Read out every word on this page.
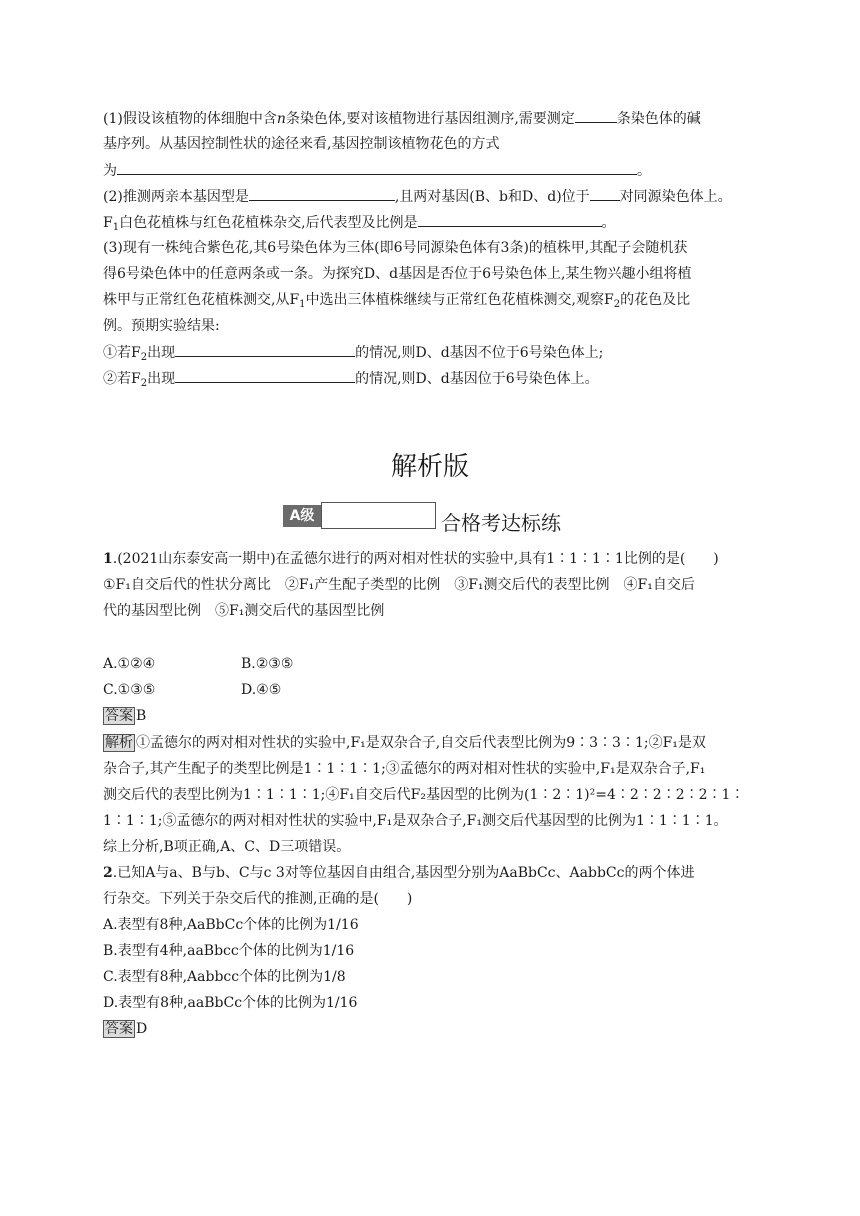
(1)假设该植物的体细胞中含n条染色体,要对该植物进行基因组测序,需要测定	条染色体的碱
基序列。从基因控制性状的途径来看,基因控制该植物花色的方式
为	。
(2)推测两亲本基因型是	,且两对基因(B、b和D、d)位于 对同源染色体上。
$F_1$白色花植株与红色花植株杂交,后代表型及比例是	。
(3)现有一株纯合紫色花,其6号染色体为三体(即6号同源染色体有3条)的植株甲,其配子会随机获
得6号染色体中的任意两条或一条。为探究D、d基因是否位于6号染色体上,某生物兴趣小组将植
株甲与正常红色花植株测交,从$F_1$中选出三体植株继续与正常红色花植株测交,观察$F_2$的花色及比
例。预期实验结果:
①若$F_2$出现	的情况,则D、d基因不位于6号染色体上;
②若$F_2$出现	的情况,则D、d基因位于6号染色体上。
解析版
A级	合格考达标练
1.(2021山东泰安高一期中)在孟德尔进行的两对相对性状的实验中,具有1∶1∶1∶1比例的是(　　)
①F₁自交后代的性状分离比　②F₁产生配子类型的比例　③F₁测交后代的表型比例　④F₁自交后
代的基因型比例　⑤F₁测交后代的基因型比例
A.①②④	B.②③⑤
C.①③⑤	D.④⑤
答案 B
解析 ①孟德尔的两对相对性状的实验中,F₁是双杂合子,自交后代表型比例为9∶3∶3∶1;②F₁是双
杂合子,其产生配子的类型比例是1∶1∶1∶1;③孟德尔的两对相对性状的实验中,F₁是双杂合子,F₁
测交后代的表型比例为1∶1∶1∶1;④F₁自交后代F₂基因型的比例为(1∶2∶1)²=4∶2∶2∶2∶2∶1∶
1∶1∶1;⑤孟德尔的两对相对性状的实验中,F₁是双杂合子,F₁测交后代基因型的比例为1∶1∶1∶1。
综上分析,B项正确,A、C、D三项错误。
2.已知A与a、B与b、C与c 3对等位基因自由组合,基因型分别为AaBbCc、AabbCc的两个体进
行杂交。下列关于杂交后代的推测,正确的是(　　)
A.表型有8种,AaBbCc个体的比例为1/16
B.表型有4种,aaBbcc个体的比例为1/16
C.表型有8种,Aabbcc个体的比例为1/8
D.表型有8种,aaBbCc个体的比例为1/16
答案 D
